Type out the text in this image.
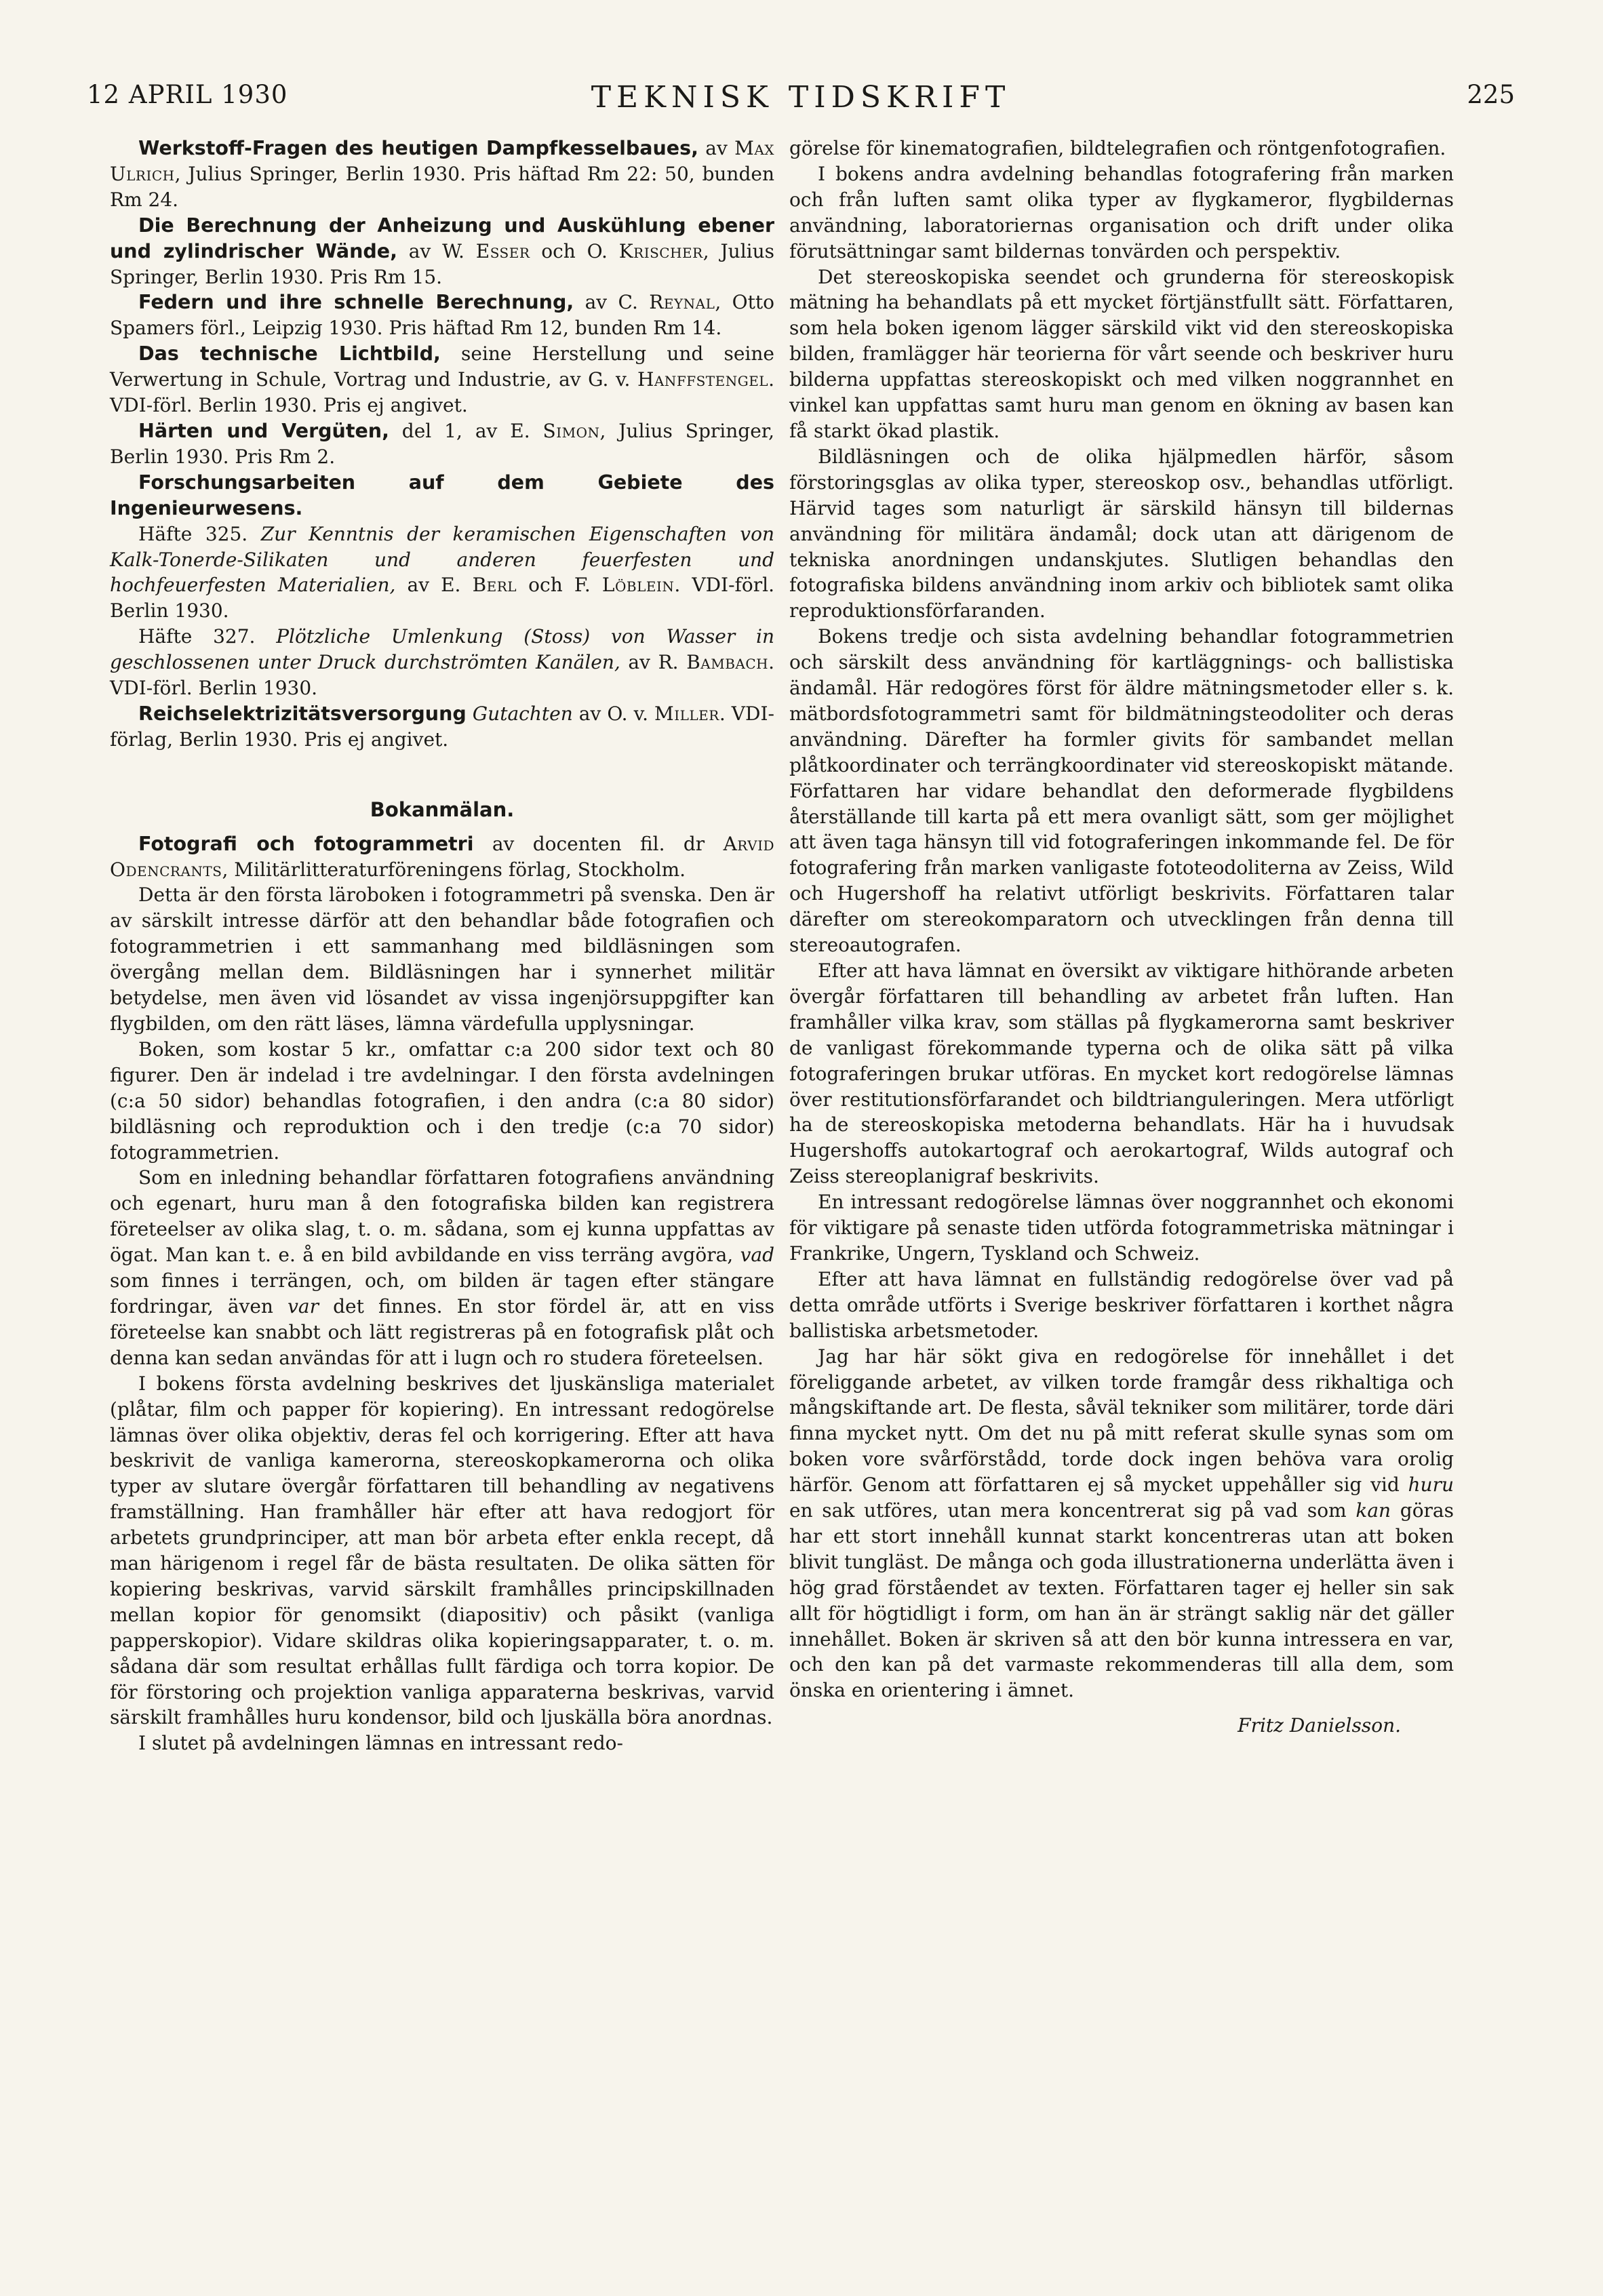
12 APRIL 1930	TEKNISK TIDSKRIFT	225

Werkstoff-Fragen des heutigen Dampfkesselbaues, av Max Ulrich, Julius Springer, Berlin 1930. Pris häftad Rm 22: 50, bunden Rm 24.

Die Berechnung der Anheizung und Auskühlung ebener und zylindrischer Wände, av W. Esser och O. Krischer, Julius Springer, Berlin 1930. Pris Rm 15.

Federn und ihre schnelle Berechnung, av C. Reynal, Otto Spamers förl., Leipzig 1930. Pris häftad Rm 12, bunden Rm 14.

Das technische Lichtbild, seine Herstellung und seine Verwertung in Schule, Vortrag und Industrie, av G. v. Hanffstengel. VDI-förl. Berlin 1930. Pris ej angivet.

Härten und Vergüten, del 1, av E. Simon, Julius Springer, Berlin 1930. Pris Rm 2.

Forschungsarbeiten auf dem Gebiete des Ingenieurwesens.

Häfte 325. Zur Kenntnis der keramischen Eigenschaften von Kalk-Tonerde-Silikaten und anderen feuerfesten und hochfeuerfesten Materialien, av E. Berl och F. Löblein. VDI-förl. Berlin 1930.

Häfte 327. Plötzliche Umlenkung (Stoss) von Wasser in geschlossenen unter Druck durchströmten Kanälen, av R. Bambach. VDI-förl. Berlin 1930.

Reichselektrizitätsversorgung Gutachten av O. v. Miller. VDI-förlag, Berlin 1930. Pris ej angivet.

Bokanmälan.

Fotografi och fotogrammetri av docenten fil. dr Arvid Odencrants, Militärlitteraturföreningens förlag, Stockholm.

Detta är den första läroboken i fotogrammetri på svenska. Den är av särskilt intresse därför att den behandlar både fotografien och fotogrammetrien i ett sammanhang med bildläsningen som övergång mellan dem. Bildläsningen har i synnerhet militär betydelse, men även vid lösandet av vissa ingenjörsuppgifter kan flygbilden, om den rätt läses, lämna värdefulla upplysningar.

Boken, som kostar 5 kr., omfattar c:a 200 sidor text och 80 figurer. Den är indelad i tre avdelningar. I den första avdelningen (c:a 50 sidor) behandlas fotografien, i den andra (c:a 80 sidor) bildläsning och reproduktion och i den tredje (c:a 70 sidor) fotogrammetrien.

Som en inledning behandlar författaren fotografiens användning och egenart, huru man å den fotografiska bilden kan registrera företeelser av olika slag, t. o. m. sådana, som ej kunna uppfattas av ögat. Man kan t. e. å en bild avbildande en viss terräng avgöra, vad som finnes i terrängen, och, om bilden är tagen efter stängare fordringar, även var det finnes. En stor fördel är, att en viss företeelse kan snabbt och lätt registreras på en fotografisk plåt och denna kan sedan användas för att i lugn och ro studera företeelsen.

I bokens första avdelning beskrives det ljuskänsliga materialet (plåtar, film och papper för kopiering). En intressant redogörelse lämnas över olika objektiv, deras fel och korrigering. Efter att hava beskrivit de vanliga kamerorna, stereoskopkamerorna och olika typer av slutare övergår författaren till behandling av negativens framställning. Han framhåller här efter att hava redogjort för arbetets grundprinciper, att man bör arbeta efter enkla recept, då man härigenom i regel får de bästa resultaten. De olika sätten för kopiering beskrivas, varvid särskilt framhålles principskillnaden mellan kopior för genomsikt (diapositiv) och påsikt (vanliga papperskopior). Vidare skildras olika kopieringsapparater, t. o. m. sådana där som resultat erhållas fullt färdiga och torra kopior. De för förstoring och projektion vanliga apparaterna beskrivas, varvid särskilt framhålles huru kondensor, bild och ljuskälla böra anordnas.

I slutet på avdelningen lämnas en intressant redo-

görelse för kinematografien, bildtelegrafien och röntgenfotografien.

I bokens andra avdelning behandlas fotografering från marken och från luften samt olika typer av flygkameror, flygbildernas användning, laboratoriernas organisation och drift under olika förutsättningar samt bildernas tonvärden och perspektiv.

Det stereoskopiska seendet och grunderna för stereoskopisk mätning ha behandlats på ett mycket förtjänstfullt sätt. Författaren, som hela boken igenom lägger särskild vikt vid den stereoskopiska bilden, framlägger här teorierna för vårt seende och beskriver huru bilderna uppfattas stereoskopiskt och med vilken noggrannhet en vinkel kan uppfattas samt huru man genom en ökning av basen kan få starkt ökad plastik.

Bildläsningen och de olika hjälpmedlen härför, såsom förstoringsglas av olika typer, stereoskop osv., behandlas utförligt. Härvid tages som naturligt är särskild hänsyn till bildernas användning för militära ändamål; dock utan att därigenom de tekniska anordningen undanskjutes. Slutligen behandlas den fotografiska bildens användning inom arkiv och bibliotek samt olika reproduktionsförfaranden.

Bokens tredje och sista avdelning behandlar fotogrammetrien och särskilt dess användning för kartläggnings- och ballistiska ändamål. Här redogöres först för äldre mätningsmetoder eller s. k. mätbordsfotogrammetri samt för bildmätningsteodoliter och deras användning. Därefter ha formler givits för sambandet mellan plåtkoordinater och terrängkoordinater vid stereoskopiskt mätande. Författaren har vidare behandlat den deformerade flygbildens återställande till karta på ett mera ovanligt sätt, som ger möjlighet att även taga hänsyn till vid fotograferingen inkommande fel. De för fotografering från marken vanligaste fototeodoliterna av Zeiss, Wild och Hugershoff ha relativt utförligt beskrivits. Författaren talar därefter om stereokomparatorn och utvecklingen från denna till stereoautografen.

Efter att hava lämnat en översikt av viktigare hithörande arbeten övergår författaren till behandling av arbetet från luften. Han framhåller vilka krav, som ställas på flygkamerorna samt beskriver de vanligast förekommande typerna och de olika sätt på vilka fotograferingen brukar utföras. En mycket kort redogörelse lämnas över restitutionsförfarandet och bildtrianguleringen. Mera utförligt ha de stereoskopiska metoderna behandlats. Här ha i huvudsak Hugershoffs autokartograf och aerokartograf, Wilds autograf och Zeiss stereoplanigraf beskrivits.

En intressant redogörelse lämnas över noggrannhet och ekonomi för viktigare på senaste tiden utförda fotogrammetriska mätningar i Frankrike, Ungern, Tyskland och Schweiz.

Efter att hava lämnat en fullständig redogörelse över vad på detta område utförts i Sverige beskriver författaren i korthet några ballistiska arbetsmetoder.

Jag har här sökt giva en redogörelse för innehållet i det föreliggande arbetet, av vilken torde framgår dess rikhaltiga och mångskiftande art. De flesta, såväl tekniker som militärer, torde däri finna mycket nytt. Om det nu på mitt referat skulle synas som om boken vore svårförstådd, torde dock ingen behöva vara orolig härför. Genom att författaren ej så mycket uppehåller sig vid huru en sak utföres, utan mera koncentrerat sig på vad som kan göras har ett stort innehåll kunnat starkt koncentreras utan att boken blivit tungläst. De många och goda illustrationerna underlätta även i hög grad förståendet av texten. Författaren tager ej heller sin sak allt för högtidligt i form, om han än är strängt saklig när det gäller innehållet. Boken är skriven så att den bör kunna intressera en var, och den kan på det varmaste rekommenderas till alla dem, som önska en orientering i ämnet.

Fritz Danielsson.
